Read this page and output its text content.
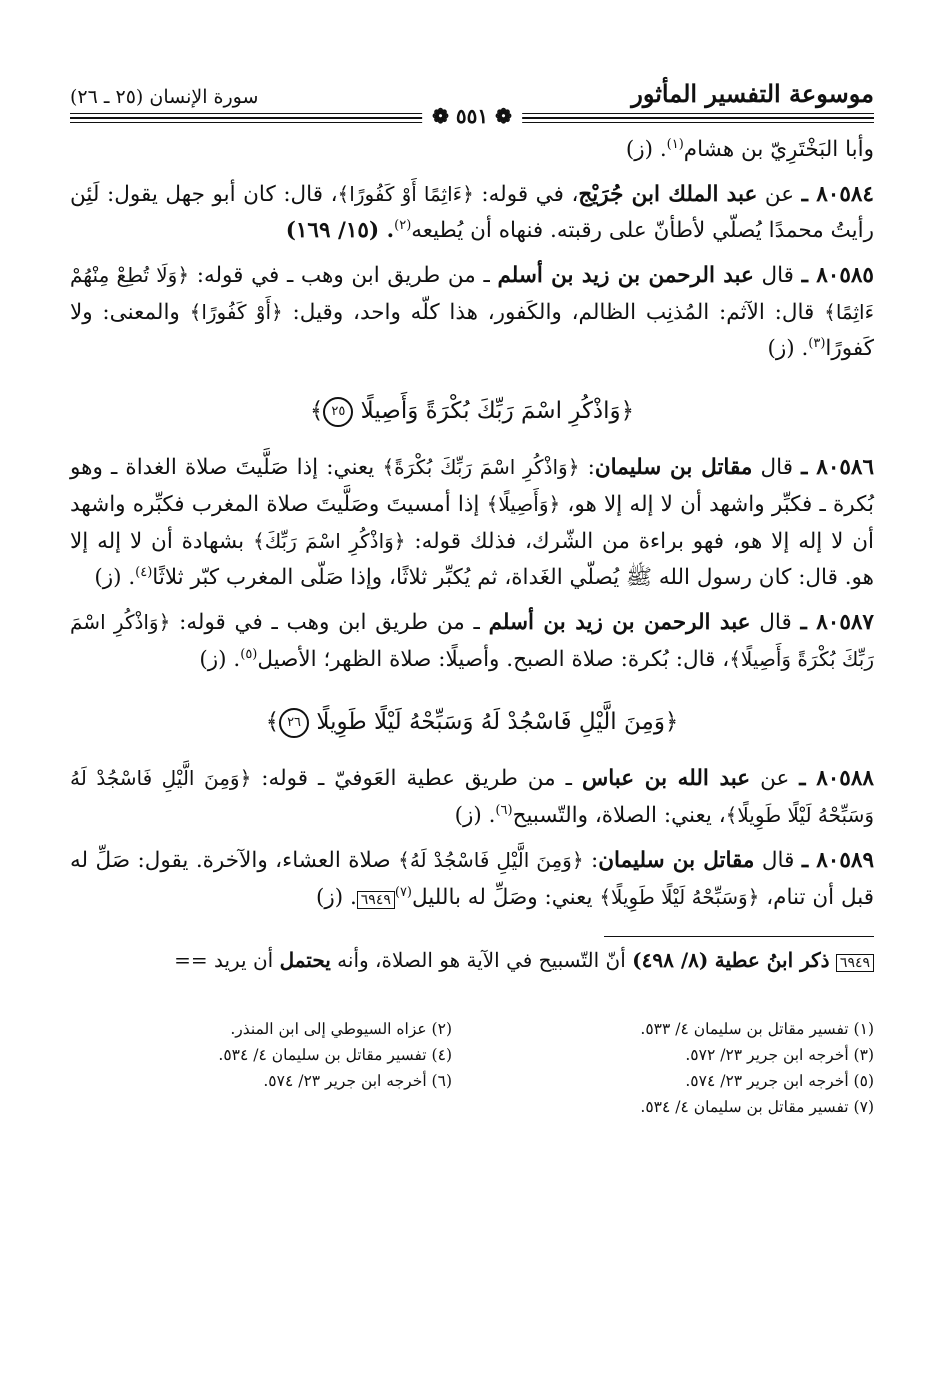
موسوعة التفسير المأثور
سورة الإنسان (٢٥ ـ ٢٦)
❁ ٥٥١ ❁

وأبا البَخْتَرِيّ بن هشام$^{(١)}$. (ز)

٨٠٥٨٤ ـ عن عبد الملك ابن جُرَيْج، في قوله: ﴿ءَاثِمًا أَوْ كَفُورًا﴾، قال: كان أبو جهل يقول: لَئِن رأيتُ محمدًا يُصلّي لأطأنّ على رقبته. فنهاه أن يُطيعه$^{(٢)}$. (١٥/ ١٦٩)

٨٠٥٨٥ ـ قال عبد الرحمن بن زيد بن أسلم ـ من طريق ابن وهب ـ في قوله: ﴿وَلَا تُطِعْ مِنْهُمْ ءَاثِمًا﴾ قال: الآثم: المُذنِب الظالم، والكَفور، هذا كلّه واحد، وقيل: ﴿أَوْ كَفُورًا﴾ والمعنى: ولا كَفورًا$^{(٣)}$. (ز)

﴿وَاذْكُرِ اسْمَ رَبِّكَ بُكْرَةً وَأَصِيلًا ٢٥﴾

٨٠٥٨٦ ـ قال مقاتل بن سليمان: ﴿وَاذْكُرِ اسْمَ رَبِّكَ بُكْرَةً﴾ يعني: إذا صَلَّيتَ صلاة الغداة ـ وهو بُكرة ـ فكبِّر واشهد أن لا إله إلا هو، ﴿وَأَصِيلًا﴾ إذا أمسيتَ وصَلَّيتَ صلاة المغرب فكبِّره واشهد أن لا إله إلا هو، فهو براءة من الشّرك، فذلك قوله: ﴿وَاذْكُرِ اسْمَ رَبِّكَ﴾ بشهادة أن لا إله إلا هو. قال: كان رسول الله ﷺ يُصلّي الغَداة، ثم يُكبِّر ثلاثًا، وإذا صَلّى المغرب كبّر ثلاثًا$^{(٤)}$. (ز)

٨٠٥٨٧ ـ قال عبد الرحمن بن زيد بن أسلم ـ من طريق ابن وهب ـ في قوله: ﴿وَاذْكُرِ اسْمَ رَبِّكَ بُكْرَةً وَأَصِيلًا﴾، قال: بُكرة: صلاة الصبح. وأصيلًا: صلاة الظهر؛ الأصيل$^{(٥)}$. (ز)

﴿وَمِنَ الَّيْلِ فَاسْجُدْ لَهُ وَسَبِّحْهُ لَيْلًا طَوِيلًا ٢٦﴾

٨٠٥٨٨ ـ عن عبد الله بن عباس ـ من طريق عطية العَوفيّ ـ قوله: ﴿وَمِنَ الَّيْلِ فَاسْجُدْ لَهُ وَسَبِّحْهُ لَيْلًا طَوِيلًا﴾، يعني: الصلاة، والتّسبيح$^{(٦)}$. (ز)

٨٠٥٨٩ ـ قال مقاتل بن سليمان: ﴿وَمِنَ الَّيْلِ فَاسْجُدْ لَهُ﴾ صلاة العشاء، والآخرة. يقول: صَلِّ له قبل أن تنام، ﴿وَسَبِّحْهُ لَيْلًا طَوِيلًا﴾ يعني: وصَلِّ له بالليل$^{(٧)}$٦٩٤٩. (ز)

٦٩٤٩ ذكر ابنُ عطية (٨/ ٤٩٨) أنّ التّسبيح في الآية هو الصلاة، وأنه يحتمل أن يريد ==
(١) تفسير مقاتل بن سليمان ٤/ ٥٣٣.
(٢) عزاه السيوطي إلى ابن المنذر.
(٣) أخرجه ابن جرير ٢٣/ ٥٧٢.
(٤) تفسير مقاتل بن سليمان ٤/ ٥٣٤.
(٥) أخرجه ابن جرير ٢٣/ ٥٧٤.
(٦) أخرجه ابن جرير ٢٣/ ٥٧٤.
(٧) تفسير مقاتل بن سليمان ٤/ ٥٣٤.
